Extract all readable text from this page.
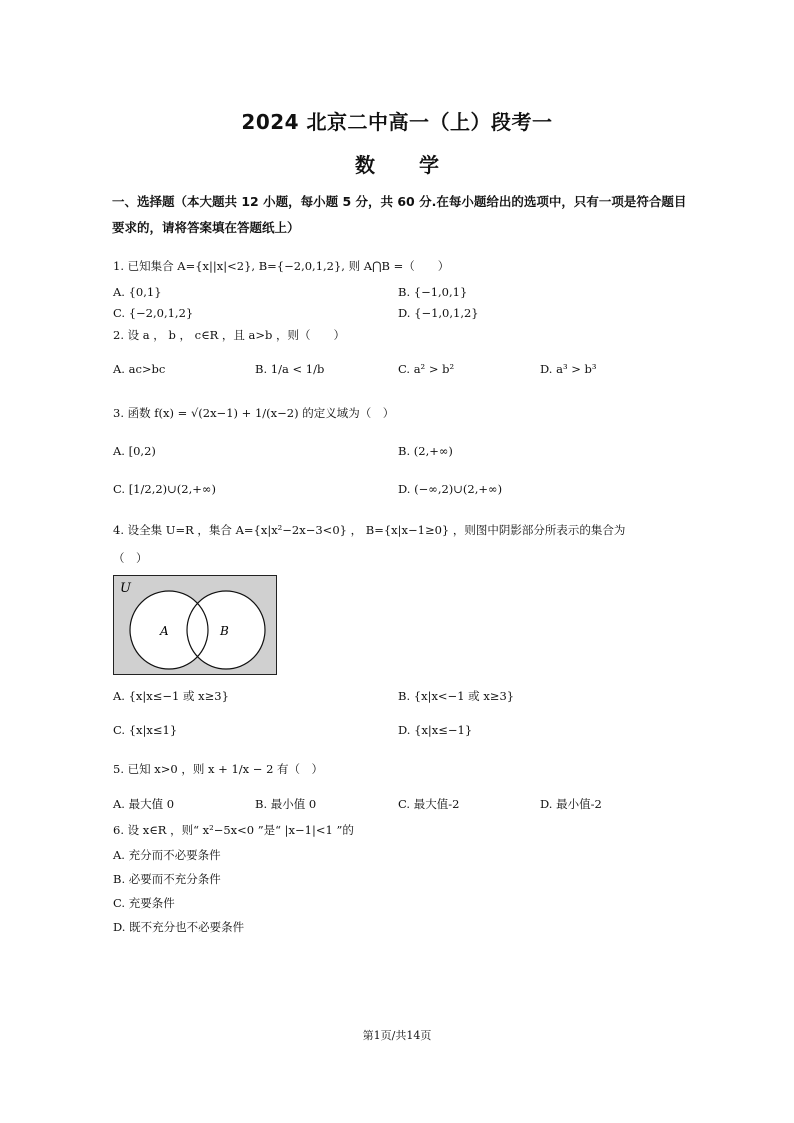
2024 北京二中高一（上）段考一
数 学
一、选择题（本大题共 12 小题，每小题 5 分，共 60 分.在每小题给出的选项中，只有一项是符合题目要求的，请将答案填在答题纸上）
1. 已知集合 A={x||x|<2}, B={−2,0,1,2}, 则 A⋂B =（　　）
A. {0,1}	B. {−1,0,1}
C. {−2,0,1,2}	D. {−1,0,1,2}
2. 设 a ， b ， c∈R ，且 a>b ，则（　　）
A. ac>bc	B. 1/a < 1/b	C. a² > b²	D. a³ > b³
3. 函数 f(x) = √(2x−1) + 1/(x−2) 的定义域为（　）
A. [0,2)	B. (2,+∞)
C. [1/2,2)∪(2,+∞)	D. (−∞,2)∪(2,+∞)
4. 设全集 U=R ，集合 A={x|x²−2x−3<0} ， B={x|x−1≥0} ，则图中阴影部分所表示的集合为
（　）
U
A	B
A. {x|x≤−1 或 x≥3}	B. {x|x<−1 或 x≥3}
C. {x|x≤1}	D. {x|x≤−1}
5. 已知 x>0 ，则 x + 1/x − 2 有（　）
A. 最大值 0	B. 最小值 0	C. 最大值-2	D. 最小值-2
6. 设 x∈R ，则“ x²−5x<0 ”是“ |x−1|<1 ”的
A. 充分而不必要条件
B. 必要而不充分条件
C. 充要条件
D. 既不充分也不必要条件
第1页/共14页
